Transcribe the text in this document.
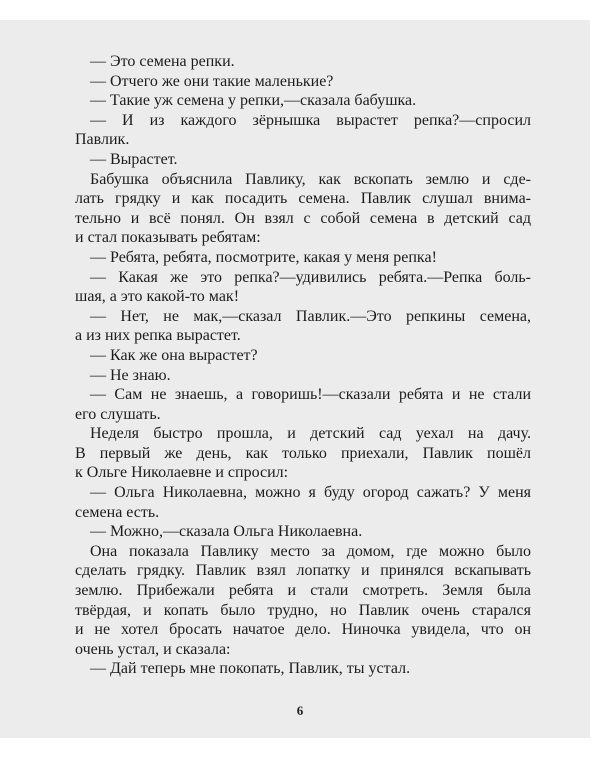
— Это семена репки.
— Отчего же они такие маленькие?
— Такие уж семена у репки,—сказала бабушка.
— И из каждого зёрнышка вырастет репка?—спросил
Павлик.
— Вырастет.
Бабушка объяснила Павлику, как вскопать землю и сде-
лать грядку и как посадить семена. Павлик слушал внима-
тельно и всё понял. Он взял с собой семена в детский сад
и стал показывать ребятам:
— Ребята, ребята, посмотрите, какая у меня репка!
— Какая же это репка?—удивились ребята.—Репка боль-
шая, а это какой-то мак!
— Нет, не мак,—сказал Павлик.—Это репкины семена,
а из них репка вырастет.
— Как же она вырастет?
— Не знаю.
— Сам не знаешь, а говоришь!—сказали ребята и не стали
его слушать.
Неделя быстро прошла, и детский сад уехал на дачу.
В первый же день, как только приехали, Павлик пошёл
к Ольге Николаевне и спросил:
— Ольга Николаевна, можно я буду огород сажать? У меня
семена есть.
— Можно,—сказала Ольга Николаевна.
Она показала Павлику место за домом, где можно было
сделать грядку. Павлик взял лопатку и принялся вскапывать
землю. Прибежали ребята и стали смотреть. Земля была
твёрдая, и копать было трудно, но Павлик очень старался
и не хотел бросать начатое дело. Ниночка увидела, что он
очень устал, и сказала:
— Дай теперь мне покопать, Павлик, ты устал.
6
